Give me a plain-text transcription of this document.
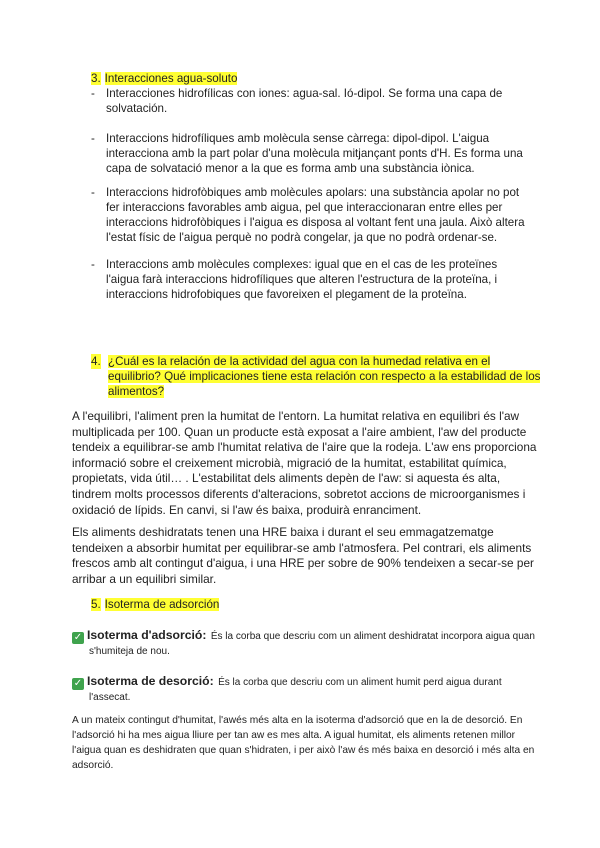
3. Interacciones agua-soluto
- Interacciones hidrofílicas con iones: agua-sal. Ió-dipol. Se forma una capa de solvatación.
- Interaccions hidrofíliques amb molècula sense càrrega: dipol-dipol. L'aigua interacciona amb la part polar d'una molècula mitjançant ponts d'H. Es forma una capa de solvatació menor a la que es forma amb una substància iònica.
- Interaccions hidrofòbiques amb molècules apolars: una substància apolar no pot fer interaccions favorables amb aigua, pel que interaccionaran entre elles per interaccions hidrofòbiques i l'aigua es disposa al voltant fent una jaula. Això altera l'estat físic de l'aigua perquè no podrà congelar, ja que no podrà ordenar-se.
- Interaccions amb molècules complexes: igual que en el cas de les proteïnes l'aigua farà interaccions hidrofíliques que alteren l'estructura de la proteïna, i interaccions hidrofobiques que favoreixen el plegament de la proteïna.
4. ¿Cuál es la relación de la actividad del agua con la humedad relativa en el equilibrio? Qué implicaciones tiene esta relación con respecto a la estabilidad de los alimentos?
A l'equilibri, l'aliment pren la humitat de l'entorn. La humitat relativa en equilibri és l'aw multiplicada per 100. Quan un producte està exposat a l'aire ambient, l'aw del producte tendeix a equilibrar-se amb l'humitat relativa de l'aire que la rodeja. L'aw ens proporciona informació sobre el creixement microbià, migració de la humitat, estabilitat química, propietats, vida útil… . L'estabilitat dels aliments depèn de l'aw: si aquesta és alta, tindrem molts processos diferents d'alteracions, sobretot accions de microorganismes i oxidació de lípids. En canvi, si l'aw és baixa, produirà enranciment.
Els aliments deshidratats tenen una HRE baixa i durant el seu emmagatzematge tendeixen a absorbir humitat per equilibrar-se amb l'atmosfera. Pel contrari, els aliments frescos amb alt contingut d'aigua, i una HRE per sobre de 90% tendeixen a secar-se per arribar a un equilibri similar.
5. Isoterma de adsorción
✓ Isoterma d'adsorció: És la corba que descriu com un aliment deshidratat incorpora aigua quan
s'humiteja de nou.
✓ Isoterma de desorció: És la corba que descriu com un aliment humit perd aigua durant
l'assecat.
A un mateix contingut d'humitat, l'awés més alta en la isoterma d'adsorció que en la de desorció. En l'adsorció hi ha mes aigua lliure per tan aw es mes alta. A igual humitat, els aliments retenen millor l'aigua quan es deshidraten que quan s'hidraten, i per això l'aw és més baixa en desorció i més alta en adsorció.
